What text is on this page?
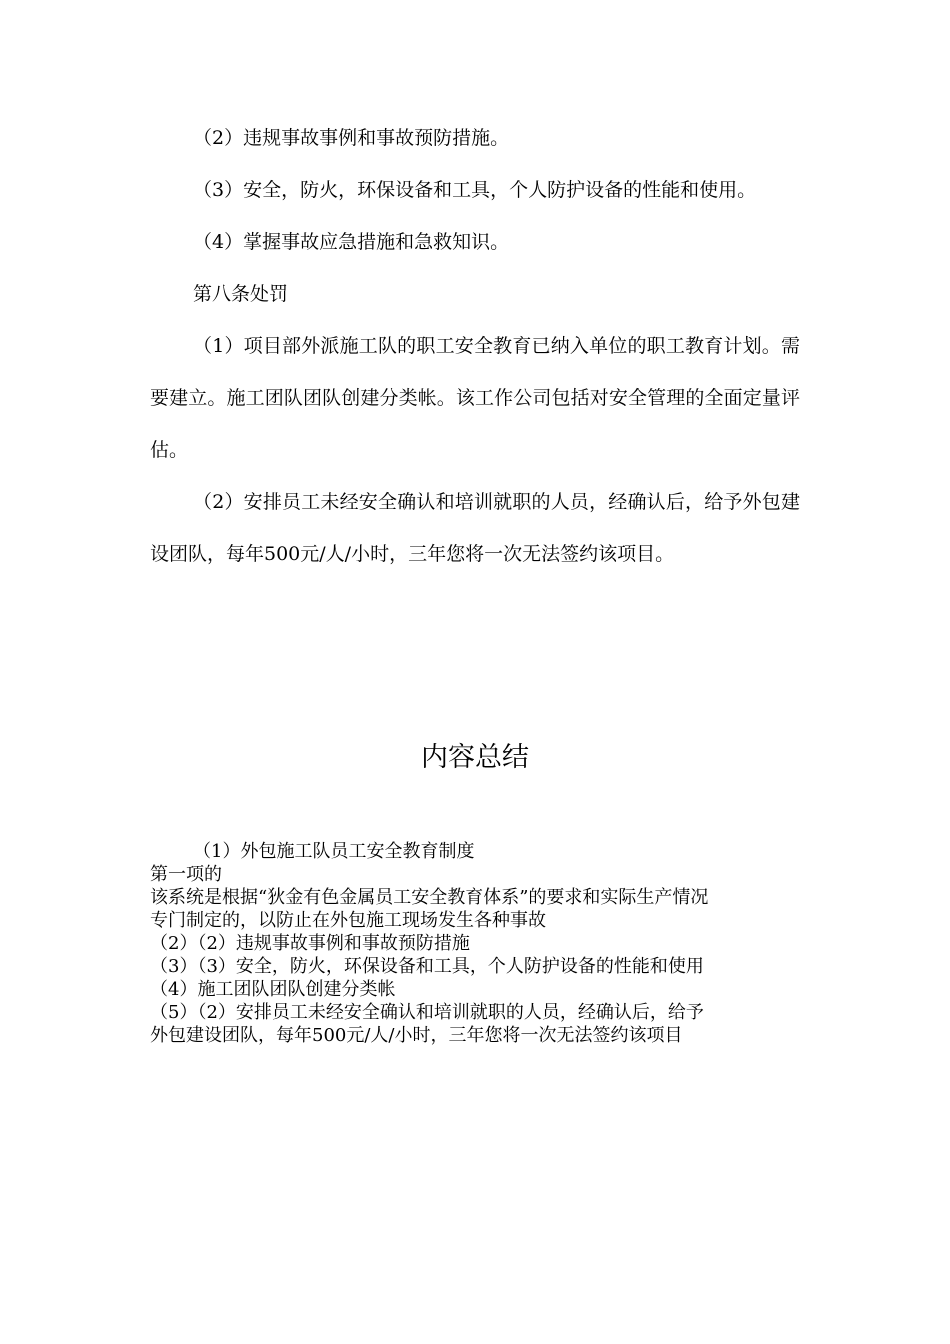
（2）违规事故事例和事故预防措施。

（3）安全，防火，环保设备和工具，个人防护设备的性能和使用。

（4）掌握事故应急措施和急救知识。

第八条处罚

（1）项目部外派施工队的职工安全教育已纳入单位的职工教育计划。需要建立。施工团队团队创建分类帐。该工作公司包括对安全管理的全面定量评估。

（2）安排员工未经安全确认和培训就职的人员，经确认后，给予外包建设团队，每年500元/人/小时，三年您将一次无法签约该项目。

内容总结
（1）外包施工队员工安全教育制度
第一项的
该系统是根据“狄金有色金属员工安全教育体系”的要求和实际生产情况
专门制定的，以防止在外包施工现场发生各种事故
（2）（2）违规事故事例和事故预防措施
（3）（3）安全，防火，环保设备和工具，个人防护设备的性能和使用
（4）施工团队团队创建分类帐
（5）（2）安排员工未经安全确认和培训就职的人员，经确认后，给予
外包建设团队，每年500元/人/小时，三年您将一次无法签约该项目
